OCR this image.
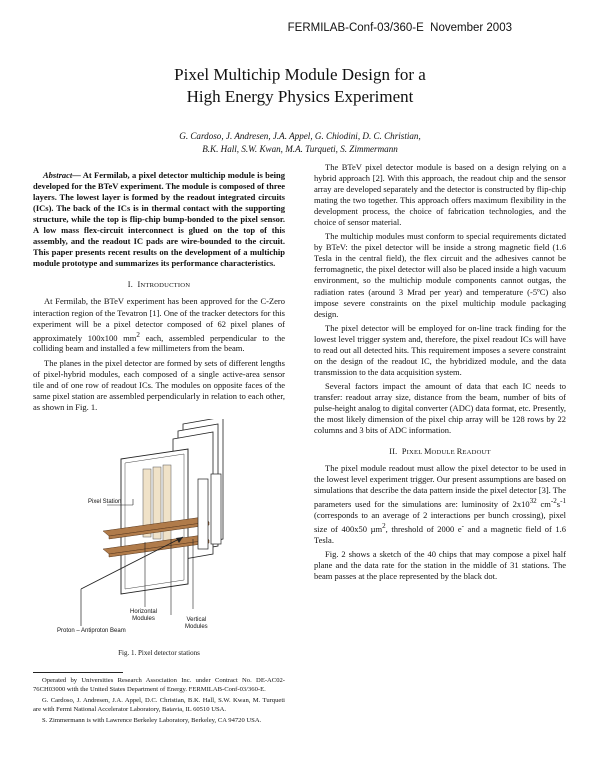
FERMILAB-Conf-03/360-E November 2003
Pixel Multichip Module Design for a
High Energy Physics Experiment
G. Cardoso, J. Andresen, J.A. Appel, G. Chiodini, D. C. Christian,
B.K. Hall, S.W. Kwan, M.A. Turqueti, S. Zimmermann

Abstract— At Fermilab, a pixel detector multichip module is being developed for the BTeV experiment. The module is composed of three layers. The lowest layer is formed by the readout integrated circuits (ICs). The back of the ICs is in thermal contact with the supporting structure, while the top is flip-chip bump-bonded to the pixel sensor. A low mass flex-circuit interconnect is glued on the top of this assembly, and the readout IC pads are wire-bounded to the circuit. This paper presents recent results on the development of a multichip module prototype and summarizes its performance characteristics.

I. INTRODUCTION

At Fermilab, the BTeV experiment has been approved for the C-Zero interaction region of the Tevatron [1]. One of the tracker detectors for this experiment will be a pixel detector composed of 62 pixel planes of approximately 100x100 $mm^2$ each, assembled perpendicular to the colliding beam and installed a few millimeters from the beam.

The planes in the pixel detector are formed by sets of different lengths of pixel-hybrid modules, each composed of a single active-area sensor tile and of one row of readout ICs. The modules on opposite faces of the same pixel station are assembled perpendicularly in relation to each other, as shown in Fig. 1.

Pixel Station
Horizontal
Modules	Vertical
Modules
Proton – Antiproton Beam
Fig. 1. Pixel detector stations

Operated by Universities Research Association Inc. under Contract No. DE-AC02-76CH03000 with the United States Department of Energy. FERMILAB-Conf-03/360-E.

G. Cardoso, J. Andresen, J.A. Appel, D.C. Christian, B.K. Hall, S.W. Kwan, M. Turqueti are with Fermi National Accelerator Laboratory, Batavia, IL 60510 USA.

S. Zimmermann is with Lawrence Berkeley Laboratory, Berkeley, CA 94720 USA.

The BTeV pixel detector module is based on a design relying on a hybrid approach [2]. With this approach, the readout chip and the sensor array are developed separately and the detector is constructed by flip-chip mating the two together. This approach offers maximum flexibility in the development process, the choice of fabrication technologies, and the choice of sensor material.

The multichip modules must conform to special requirements dictated by BTeV: the pixel detector will be inside a strong magnetic field (1.6 Tesla in the central field), the flex circuit and the adhesives cannot be ferromagnetic, the pixel detector will also be placed inside a high vacuum environment, so the multichip module components cannot outgas, the radiation rates (around 3 Mrad per year) and temperature (-5ºC) also impose severe constraints on the pixel multichip module packaging design.

The pixel detector will be employed for on-line track finding for the lowest level trigger system and, therefore, the pixel readout ICs will have to read out all detected hits. This requirement imposes a severe constraint on the design of the readout IC, the hybridized module, and the data transmission to the data acquisition system.

Several factors impact the amount of data that each IC needs to transfer: readout array size, distance from the beam, number of bits of pulse-height analog to digital converter (ADC) data format, etc. Presently, the most likely dimension of the pixel chip array will be 128 rows by 22 columns and 3 bits of ADC information.

II. PIXEL MODULE READOUT

The pixel module readout must allow the pixel detector to be used in the lowest level experiment trigger. Our present assumptions are based on simulations that describe the data pattern inside the pixel detector [3]. The parameters used for the simulations are: luminosity of $2x10^{32}$ $cm^{-2}s^{-1}$ (corresponds to an average of 2 interactions per bunch crossing), pixel size of 400x50 µm$^2$, threshold of 2000 e- and a magnetic field of 1.6 Tesla.

Fig. 2 shows a sketch of the 40 chips that may compose a pixel half plane and the data rate for the station in the middle of 31 stations. The beam passes at the place represented by the black dot.
